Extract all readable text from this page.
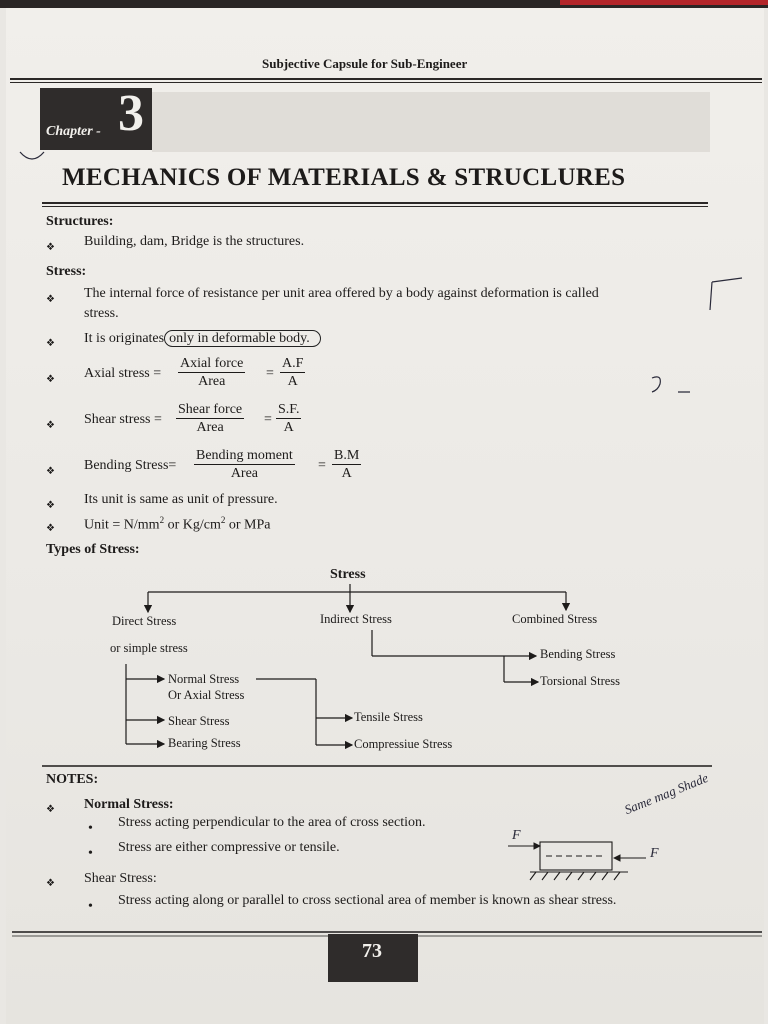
Subjective Capsule for Sub-Engineer
Chapter - 3
MECHANICS OF MATERIALS & STRUCLURES
Structures:
❖ Building, dam, Bridge is the structures.
Stress:
❖ The internal force of resistance per unit area offered by a body against deformation is called
stress.
❖ It is originates only in deformable body.
❖ Axial stress =
Axial force
Area
= $\frac{A.F}{A}$
❖ Shear stress =
Shear force
Area
= $\frac{S.F.}{A}$
❖ Bending Stress=
Bending moment
Area
= $\frac{B.M}{A}$
❖ Its unit is same as unit of pressure.
❖ Unit = $N/mm^2$ or $Kg/cm^2$ or MPa
Types of Stress:
Stress
Direct Stress
or simple stress
Indirect Stress	Combined Stress
Bending Stress
Torsional Stress
Normal Stress
Or Axial Stress
Shear Stress
Bearing Stress
Tensile Stress
Compressiue Stress
NOTES:
❖ Normal Stress:
• Stress acting perpendicular to the area of cross section.
• Stress are either compressive or tensile.
❖ Shear Stress:
• Stress acting along or parallel to cross sectional area of member is known as shear stress.
Same mag Shade
F
F
73
